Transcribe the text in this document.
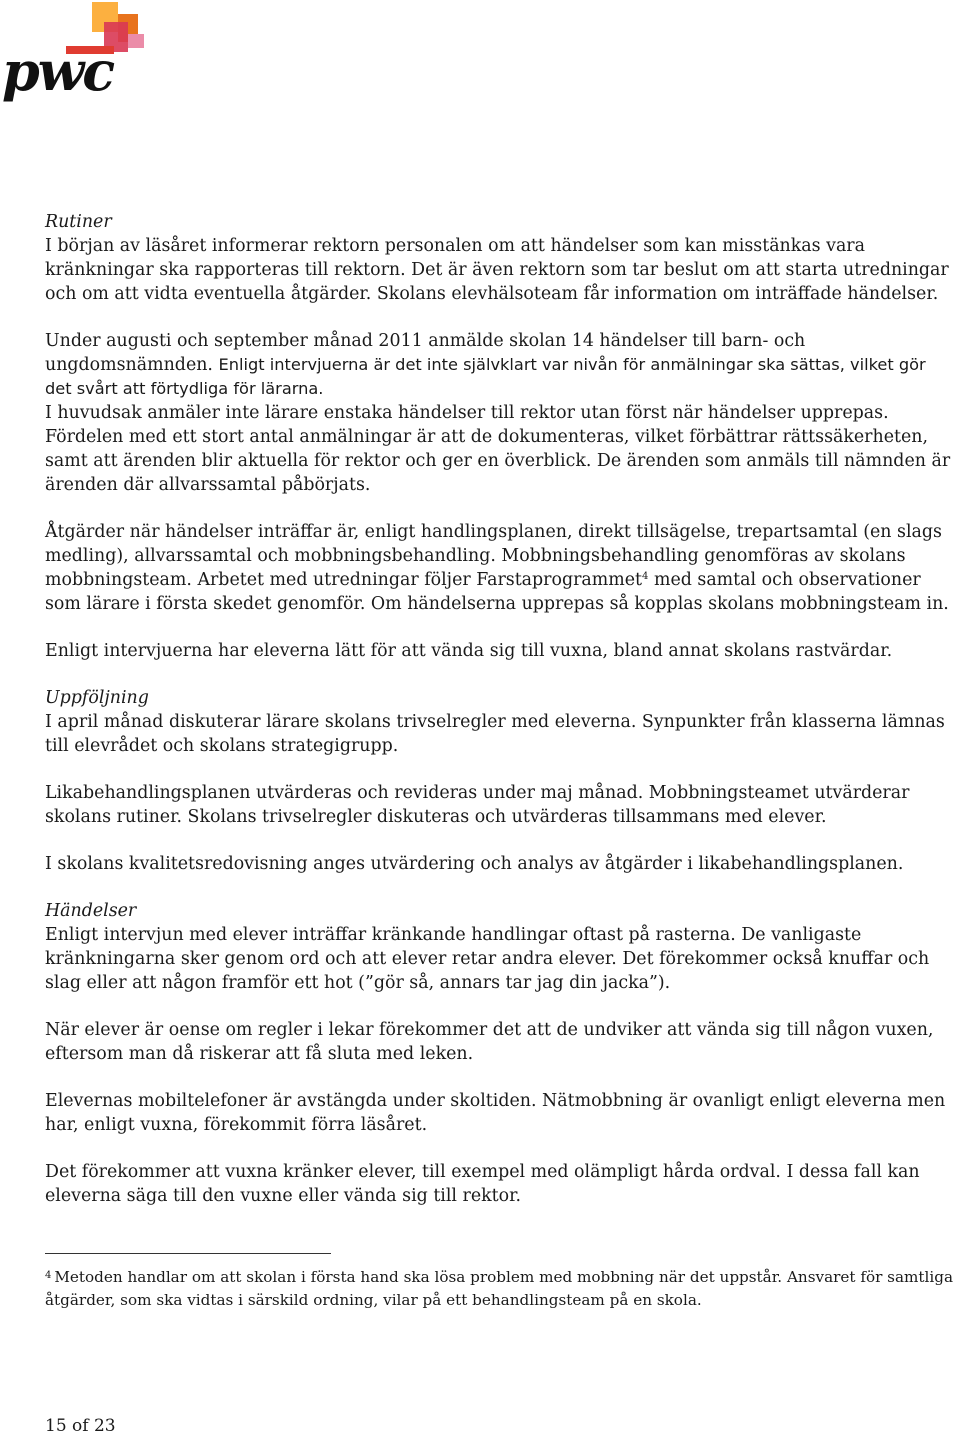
pwc

Rutiner
I början av läsåret informerar rektorn personalen om att händelser som kan misstänkas vara kränkningar ska rapporteras till rektorn. Det är även rektorn som tar beslut om att starta utredningar och om att vidta eventuella åtgärder. Skolans elevhälsoteam får information om inträffade händelser.

Under augusti och september månad 2011 anmälde skolan 14 händelser till barn- och ungdomsnämnden. Enligt intervjuerna är det inte självklart var nivån för anmälningar ska sättas, vilket gör det svårt att förtydliga för lärarna.

I huvudsak anmäler inte lärare enstaka händelser till rektor utan först när händelser upprepas. Fördelen med ett stort antal anmälningar är att de dokumenteras, vilket förbättrar rättssäkerheten, samt att ärenden blir aktuella för rektor och ger en överblick. De ärenden som anmäls till nämnden är ärenden där allvarssamtal påbörjats.

Åtgärder när händelser inträffar är, enligt handlingsplanen, direkt tillsägelse, trepartsamtal (en slags medling), allvarssamtal och mobbningsbehandling. Mobbningsbehandling genomföras av skolans mobbningsteam. Arbetet med utredningar följer Farstaprogrammet$^4$ med samtal och observationer som lärare i första skedet genomför. Om händelserna upprepas så kopplas skolans mobbningsteam in.

Enligt intervjuerna har eleverna lätt för att vända sig till vuxna, bland annat skolans rastvärdar.

Uppföljning
I april månad diskuterar lärare skolans trivselregler med eleverna. Synpunkter från klasserna lämnas till elevrådet och skolans strategigrupp.

Likabehandlingsplanen utvärderas och revideras under maj månad. Mobbningsteamet utvärderar skolans rutiner. Skolans trivselregler diskuteras och utvärderas tillsammans med elever.

I skolans kvalitetsredovisning anges utvärdering och analys av åtgärder i likabehandlingsplanen.

Händelser
Enligt intervjun med elever inträffar kränkande handlingar oftast på rasterna. De vanligaste kränkningarna sker genom ord och att elever retar andra elever. Det förekommer också knuffar och slag eller att någon framför ett hot (”gör så, annars tar jag din jacka”).

När elever är oense om regler i lekar förekommer det att de undviker att vända sig till någon vuxen, eftersom man då riskerar att få sluta med leken.

Elevernas mobiltelefoner är avstängda under skoltiden. Nätmobbning är ovanligt enligt eleverna men har, enligt vuxna, förekommit förra läsåret.

Det förekommer att vuxna kränker elever, till exempel med olämpligt hårda ordval. I dessa fall kan eleverna säga till den vuxne eller vända sig till rektor.

$^4$ Metoden handlar om att skolan i första hand ska lösa problem med mobbning när det uppstår. Ansvaret för samtliga åtgärder, som ska vidtas i särskild ordning, vilar på ett behandlingsteam på en skola.
15 of 23
